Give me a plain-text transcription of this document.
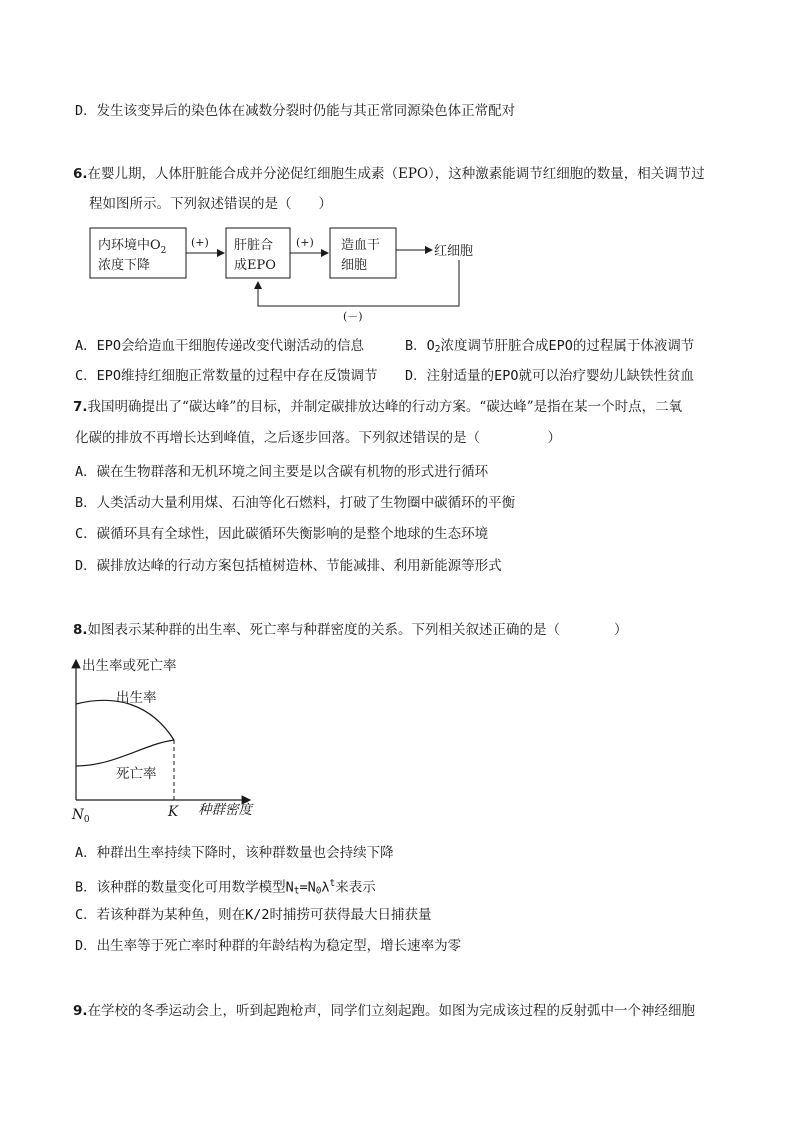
D．发生该变异后的染色体在减数分裂时仍能与其正常同源染色体正常配对
6.在婴儿期，人体肝脏能合成并分泌促红细胞生成素（EPO），这种激素能调节红细胞的数量，相关调节过
程如图所示。下列叙述错误的是（　　）
内环境中$O_2$
浓度下降
(+) 肝脏合
成EPO
(+) 造血干
细胞
红细胞
(－)
A．EPO会给造血干细胞传递改变代谢活动的信息	B．$O_2$浓度调节肝脏合成EPO的过程属于体液调节
C．EPO维持红细胞正常数量的过程中存在反馈调节 D．注射适量的EPO就可以治疗婴幼儿缺铁性贫血
7.我国明确提出了“碳达峰”的目标，并制定碳排放达峰的行动方案。“碳达峰”是指在某一个时点，二氧
化碳的排放不再增长达到峰值，之后逐步回落。下列叙述错误的是（　　　　　）
A．碳在生物群落和无机环境之间主要是以含碳有机物的形式进行循环
B．人类活动大量利用煤、石油等化石燃料，打破了生物圈中碳循环的平衡
C．碳循环具有全球性，因此碳循环失衡影响的是整个地球的生态环境
D．碳排放达峰的行动方案包括植树造林、节能减排、利用新能源等形式
8.如图表示某种群的出生率、死亡率与种群密度的关系。下列相关叙述正确的是（　　　　）
出生率或死亡率
种群密度
出生率
死亡率
$N_0$	K
A．种群出生率持续下降时，该种群数量也会持续下降
B．该种群的数量变化可用数学模型$N_t=N_0\lambda^t$来表示
C．若该种群为某种鱼，则在K/2时捕捞可获得最大日捕获量
D．出生率等于死亡率时种群的年龄结构为稳定型，增长速率为零
9.在学校的冬季运动会上，听到起跑枪声，同学们立刻起跑。如图为完成该过程的反射弧中一个神经细胞
